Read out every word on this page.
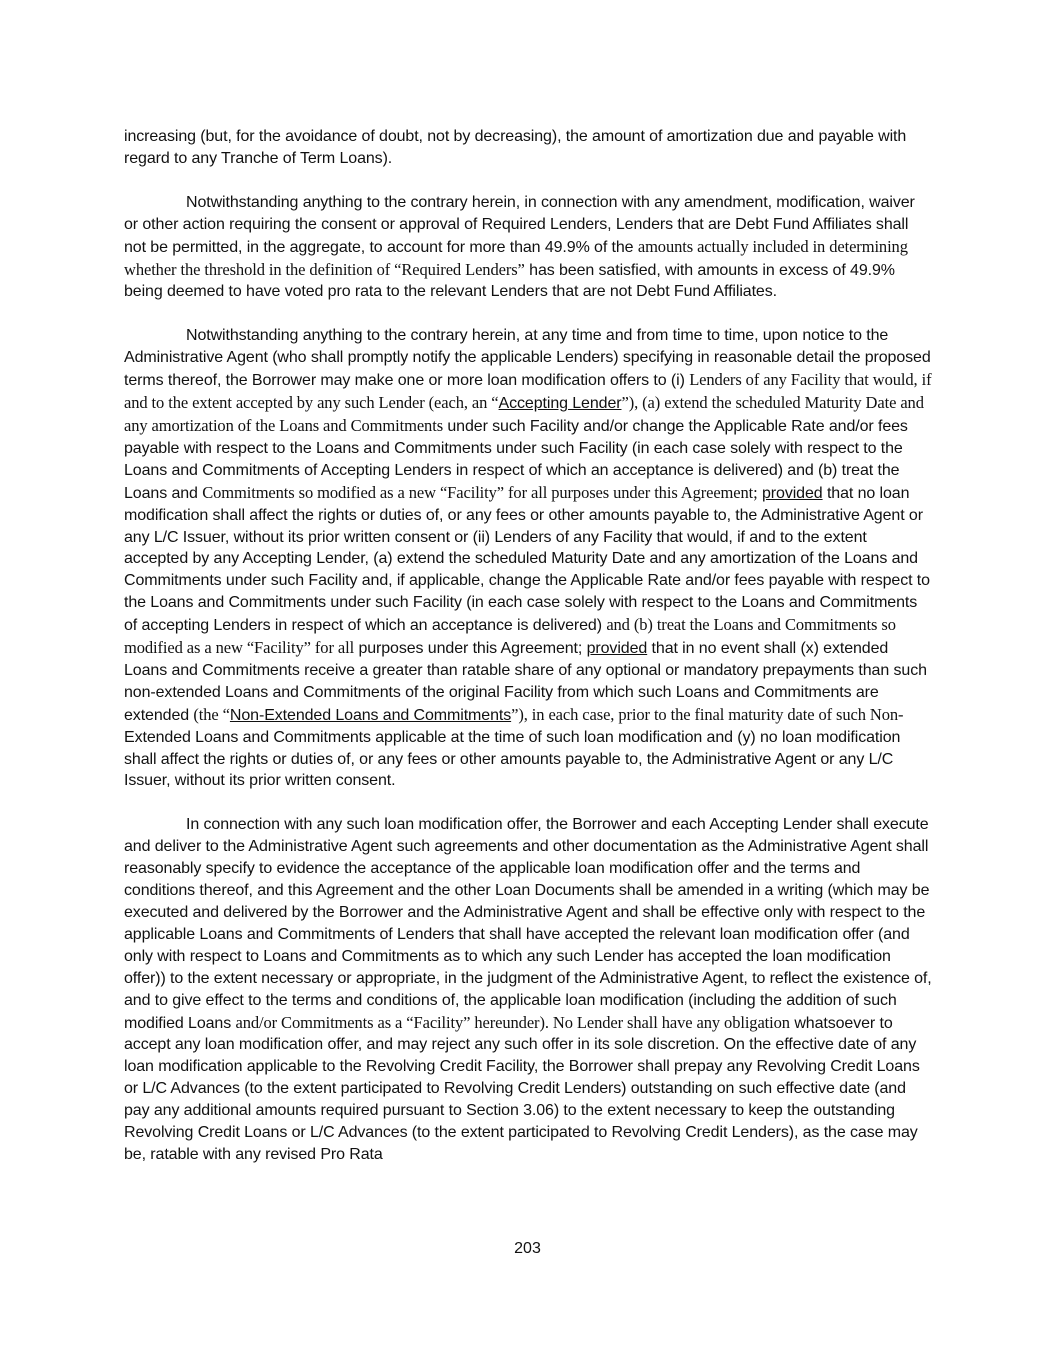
increasing (but, for the avoidance of doubt, not by decreasing), the amount of amortization due and payable with regard to any Tranche of Term Loans).

Notwithstanding anything to the contrary herein, in connection with any amendment, modification, waiver or other action requiring the consent or approval of Required Lenders, Lenders that are Debt Fund Affiliates shall not be permitted, in the aggregate, to account for more than 49.9% of the amounts actually included in determining whether the threshold in the definition of “Required Lenders” has been satisfied, with amounts in excess of 49.9% being deemed to have voted pro rata to the relevant Lenders that are not Debt Fund Affiliates.

Notwithstanding anything to the contrary herein, at any time and from time to time, upon notice to the Administrative Agent (who shall promptly notify the applicable Lenders) specifying in reasonable detail the proposed terms thereof, the Borrower may make one or more loan modification offers to (i) Lenders of any Facility that would, if and to the extent accepted by any such Lender (each, an “Accepting Lender”), (a) extend the scheduled Maturity Date and any amortization of the Loans and Commitments under such Facility and/or change the Applicable Rate and/or fees payable with respect to the Loans and Commitments under such Facility (in each case solely with respect to the Loans and Commitments of Accepting Lenders in respect of which an acceptance is delivered) and (b) treat the Loans and Commitments so modified as a new “Facility” for all purposes under this Agreement; provided that no loan modification shall affect the rights or duties of, or any fees or other amounts payable to, the Administrative Agent or any L/C Issuer, without its prior written consent or (ii) Lenders of any Facility that would, if and to the extent accepted by any Accepting Lender, (a) extend the scheduled Maturity Date and any amortization of the Loans and Commitments under such Facility and, if applicable, change the Applicable Rate and/or fees payable with respect to the Loans and Commitments under such Facility (in each case solely with respect to the Loans and Commitments of accepting Lenders in respect of which an acceptance is delivered) and (b) treat the Loans and Commitments so modified as a new “Facility” for all purposes under this Agreement; provided that in no event shall (x) extended Loans and Commitments receive a greater than ratable share of any optional or mandatory prepayments than such non-extended Loans and Commitments of the original Facility from which such Loans and Commitments are extended (the “Non-Extended Loans and Commitments”), in each case, prior to the final maturity date of such Non- Extended Loans and Commitments applicable at the time of such loan modification and (y) no loan modification shall affect the rights or duties of, or any fees or other amounts payable to, the Administrative Agent or any L/C Issuer, without its prior written consent.

In connection with any such loan modification offer, the Borrower and each Accepting Lender shall execute and deliver to the Administrative Agent such agreements and other documentation as the Administrative Agent shall reasonably specify to evidence the acceptance of the applicable loan modification offer and the terms and conditions thereof, and this Agreement and the other Loan Documents shall be amended in a writing (which may be executed and delivered by the Borrower and the Administrative Agent and shall be effective only with respect to the applicable Loans and Commitments of Lenders that shall have accepted the relevant loan modification offer (and only with respect to Loans and Commitments as to which any such Lender has accepted the loan modification offer)) to the extent necessary or appropriate, in the judgment of the Administrative Agent, to reflect the existence of, and to give effect to the terms and conditions of, the applicable loan modification (including the addition of such modified Loans and/or Commitments as a “Facility” hereunder). No Lender shall have any obligation whatsoever to accept any loan modification offer, and may reject any such offer in its sole discretion. On the effective date of any loan modification applicable to the Revolving Credit Facility, the Borrower shall prepay any Revolving Credit Loans or L/C Advances (to the extent participated to Revolving Credit Lenders) outstanding on such effective date (and pay any additional amounts required pursuant to Section 3.06) to the extent necessary to keep the outstanding Revolving Credit Loans or L/C Advances (to the extent participated to Revolving Credit Lenders), as the case may be, ratable with any revised Pro Rata

203
